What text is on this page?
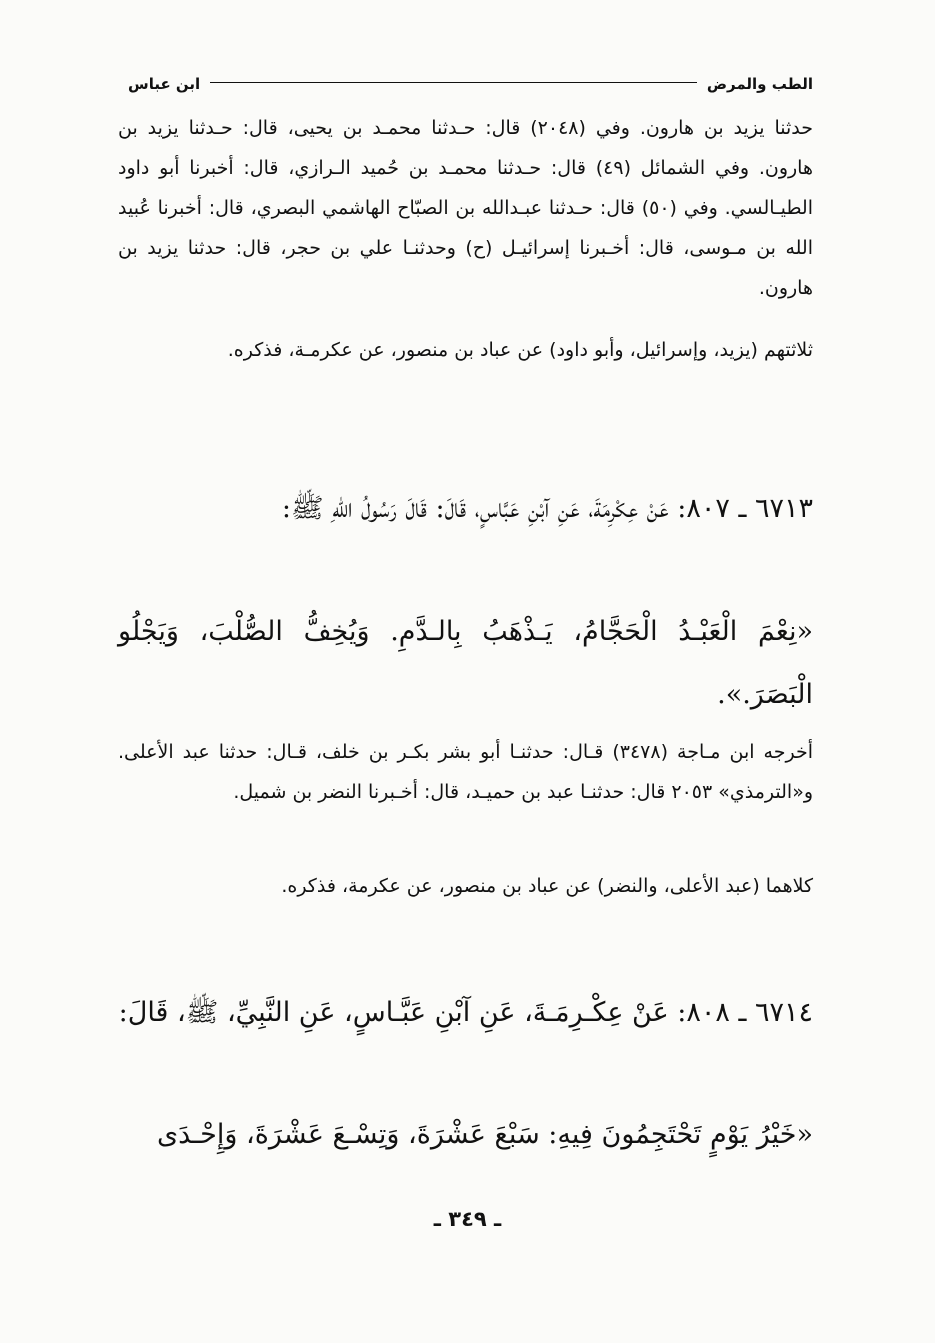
الطب والمرض
ابن عباس
حدثنا يزيد بن هارون. وفي (٢٠٤٨) قال: حـدثنا محمـد بن يحيى، قال: حـدثنا يزيد بن هارون. وفي الشمائل (٤٩) قال: حـدثنا محمـد بن حُميد الـرازي، قال: أخبرنا أبو داود الطيـالسي. وفي (٥٠) قال: حـدثنا عبـدالله بن الصبّاح الهاشمي البصري، قال: أخبرنا عُبيد الله بن مـوسى، قال: أخـبرنا إسرائيـل (ح) وحدثنـا علي بن حجر، قال: حدثنا يزيد بن هارون.
ثلاثتهم (يزيد، وإسرائيل، وأبو داود) عن عباد بن منصور، عن عكرمـة، فذكره.
٦٧١٣ ـ ٨٠٧: عَنْ عِكْرِمَةَ، عَنِ آبْنِ عَبَّاسٍ، قَالَ: قَالَ رَسُولُ اللّٰهِ ﷺ:
«نِعْمَ الْعَبْـدُ الْحَجَّامُ، يَـذْهَبُ بِالـدَّمِ. وَيُخِفُّ الصُّلْبَ، وَيَجْلُو الْبَصَرَ.».
أخرجه ابن مـاجة (٣٤٧٨) قـال: حدثنـا أبو بشر بكـر بن خلف، قـال: حدثنا عبد الأعلى. و«الترمذي» ٢٠٥٣ قال: حدثنـا عبد بن حميـد، قال: أخـبرنا النضر بن شميل.
كلاهما (عبد الأعلى، والنضر) عن عباد بن منصور، عن عكرمة، فذكره.
٦٧١٤ ـ ٨٠٨: عَنْ عِكْـرِمَـةَ، عَنِ آبْنِ عَبَّـاسٍ، عَنِ النَّبِيِّ، ﷺ، قَالَ:
«خَيْرُ يَوْمٍ تَحْتَجِمُونَ فِيهِ: سَبْعَ عَشْرَةَ، وَتِسْـعَ عَشْرَةَ، وَإِحْـدَى
ـ ٣٤٩ ـ
